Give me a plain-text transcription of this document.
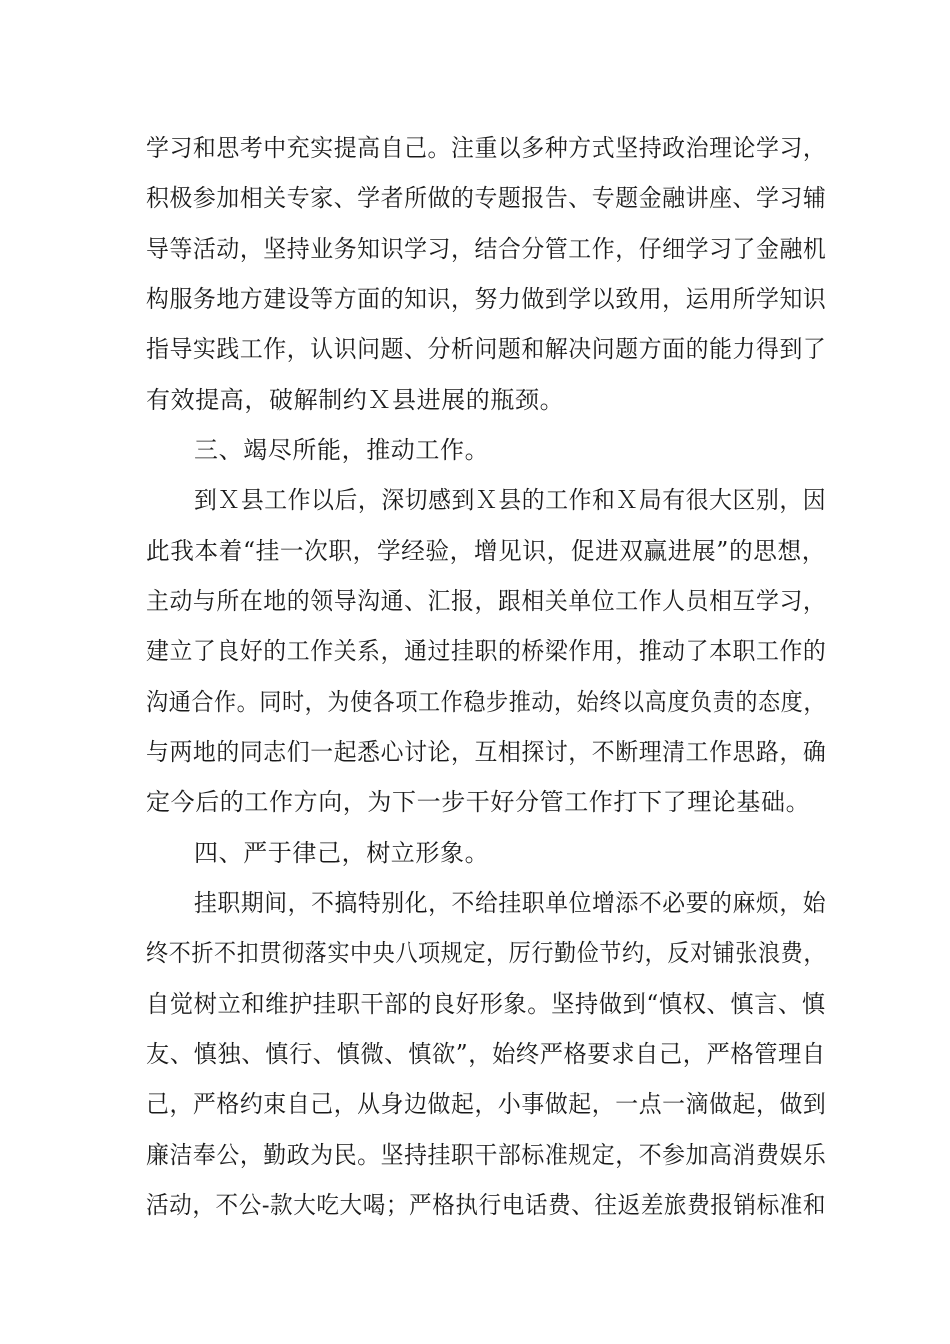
学习和思考中充实提高自己。注重以多种方式坚持政治理论学习，
积极参加相关专家、学者所做的专题报告、专题金融讲座、学习辅
导等活动，坚持业务知识学习，结合分管工作，仔细学习了金融机
构服务地方建设等方面的知识，努力做到学以致用，运用所学知识
指导实践工作，认识问题、分析问题和解决问题方面的能力得到了
有效提高，破解制约Ｘ县进展的瓶颈。
三、竭尽所能，推动工作。
到Ｘ县工作以后，深切感到Ｘ县的工作和Ｘ局有很大区别，因
此我本着“挂一次职，学经验，增见识，促进双赢进展”的思想，
主动与所在地的领导沟通、汇报，跟相关单位工作人员相互学习，
建立了良好的工作关系，通过挂职的桥梁作用，推动了本职工作的
沟通合作。同时，为使各项工作稳步推动，始终以高度负责的态度，
与两地的同志们一起悉心讨论，互相探讨，不断理清工作思路，确
定今后的工作方向，为下一步干好分管工作打下了理论基础。
四、严于律己，树立形象。
挂职期间，不搞特别化，不给挂职单位增添不必要的麻烦，始
终不折不扣贯彻落实中央八项规定，厉行勤俭节约，反对铺张浪费，
自觉树立和维护挂职干部的良好形象。坚持做到“慎权、慎言、慎
友、慎独、慎行、慎微、慎欲”，始终严格要求自己，严格管理自
己，严格约束自己，从身边做起，小事做起，一点一滴做起，做到
廉洁奉公，勤政为民。坚持挂职干部标准规定，不参加高消费娱乐
活动，不公-款大吃大喝；严格执行电话费、往返差旅费报销标准和
